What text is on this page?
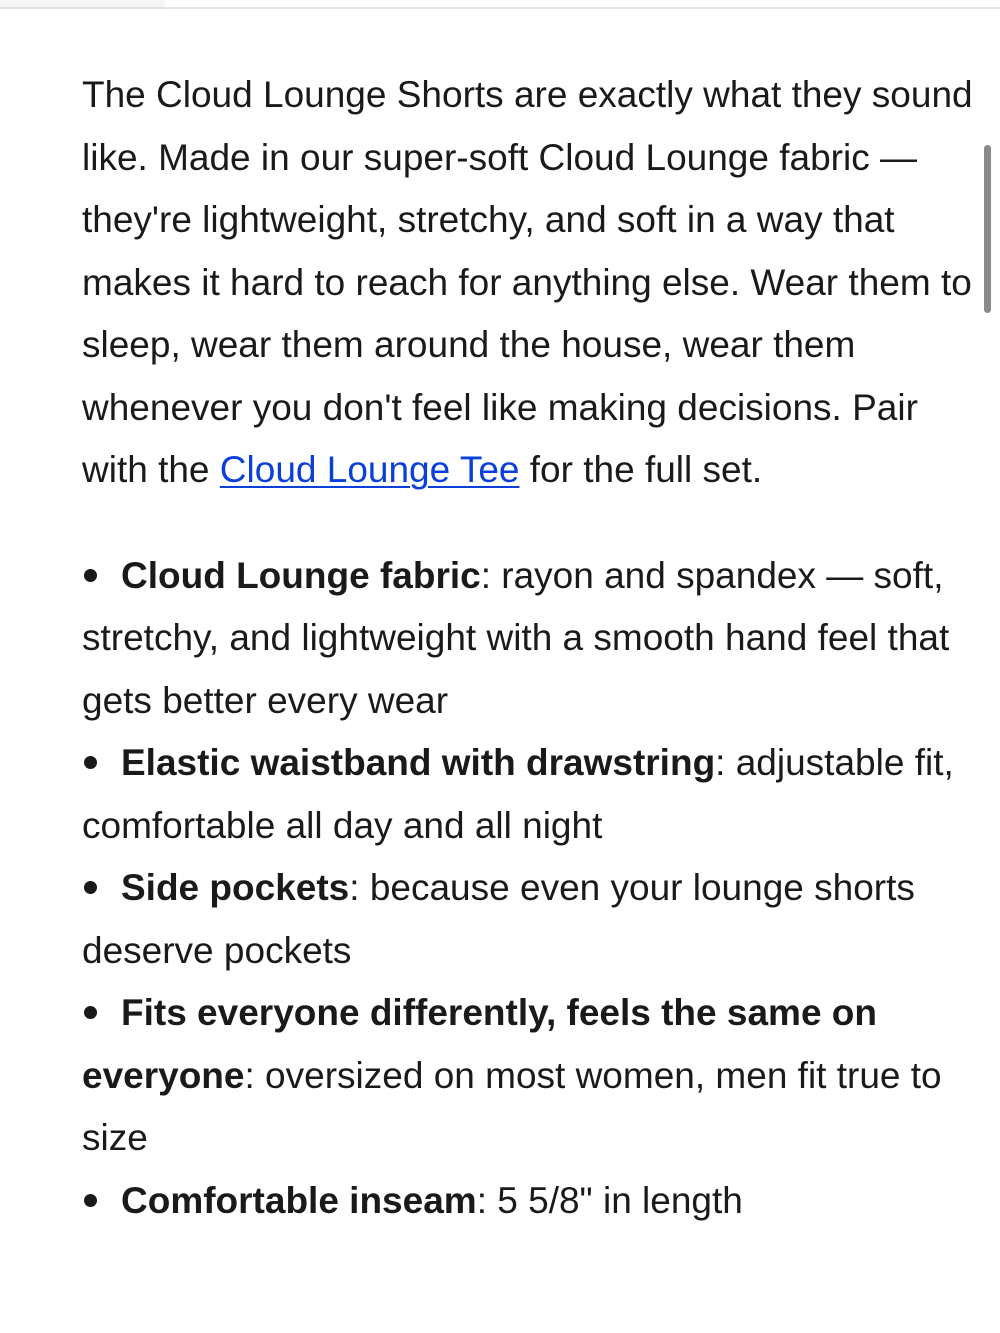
The Cloud Lounge Shorts are exactly what they sound like. Made in our super-soft Cloud Lounge fabric — they're lightweight, stretchy, and soft in a way that makes it hard to reach for anything else. Wear them to sleep, wear them around the house, wear them whenever you don't feel like making decisions. Pair with the Cloud Lounge Tee for the full set.

Cloud Lounge fabric: rayon and spandex — soft, stretchy, and lightweight with a smooth hand feel that gets better every wear
Elastic waistband with drawstring: adjustable fit, comfortable all day and all night
Side pockets: because even your lounge shorts deserve pockets
Fits everyone differently, feels the same on everyone: oversized on most women, men fit true to size
Comfortable inseam: 5 5/8" in length
